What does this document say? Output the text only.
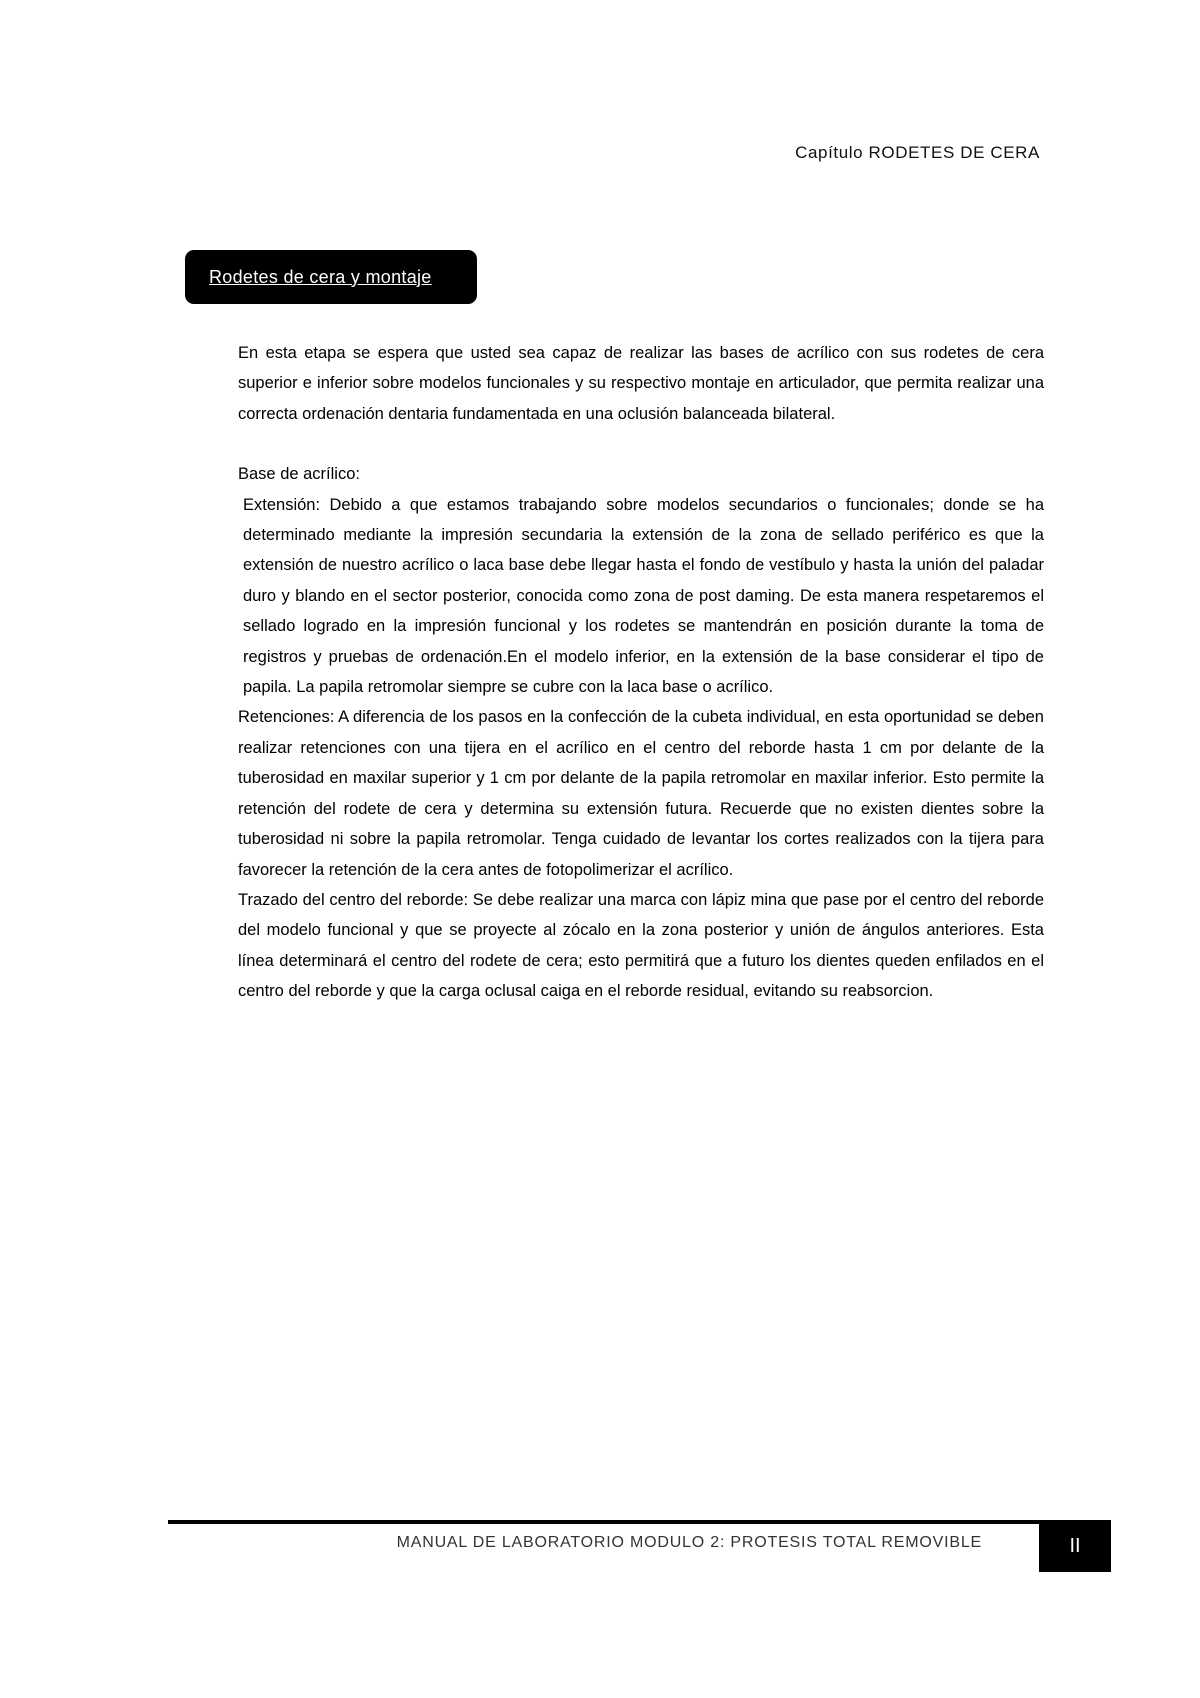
Capítulo RODETES DE CERA
Rodetes de cera y montaje

En esta etapa se espera que usted sea capaz de realizar las bases de acrílico con sus rodetes de cera superior e inferior sobre modelos funcionales y su respectivo montaje en articulador, que permita realizar una correcta ordenación dentaria fundamentada en una oclusión balanceada bilateral.

Base de acrílico:

Extensión: Debido a que estamos trabajando sobre modelos secundarios o funcionales; donde se ha determinado mediante la impresión secundaria la extensión de la zona de sellado periférico es que la extensión de nuestro acrílico o laca base debe llegar hasta el fondo de vestíbulo y hasta la unión del paladar duro y blando en el sector posterior, conocida como zona de post daming. De esta manera respetaremos el sellado logrado en la impresión funcional y los rodetes se mantendrán en posición durante la toma de registros y pruebas de ordenación.En el modelo inferior, en la extensión de la base considerar el tipo de papila. La papila retromolar siempre se cubre con la laca base o acrílico.

Retenciones: A diferencia de los pasos en la confección de la cubeta individual, en esta oportunidad se deben realizar retenciones con una tijera en el acrílico en el centro del reborde hasta 1 cm por delante de la tuberosidad en maxilar superior y 1 cm por delante de la papila retromolar en maxilar inferior. Esto permite la retención del rodete de cera y determina su extensión futura. Recuerde que no existen dientes sobre la tuberosidad ni sobre la papila retromolar. Tenga cuidado de levantar los cortes realizados con la tijera para favorecer la retención de la cera antes de fotopolimerizar el acrílico.

Trazado del centro del reborde: Se debe realizar una marca con lápiz mina que pase por el centro del reborde del modelo funcional y que se proyecte al zócalo en la zona posterior y unión de ángulos anteriores. Esta línea determinará el centro del rodete de cera; esto permitirá que a futuro los dientes queden enfilados en el centro del reborde y que la carga oclusal caiga en el reborde residual, evitando su reabsorcion.

MANUAL DE LABORATORIO MODULO 2: PROTESIS TOTAL REMOVIBLE	II
